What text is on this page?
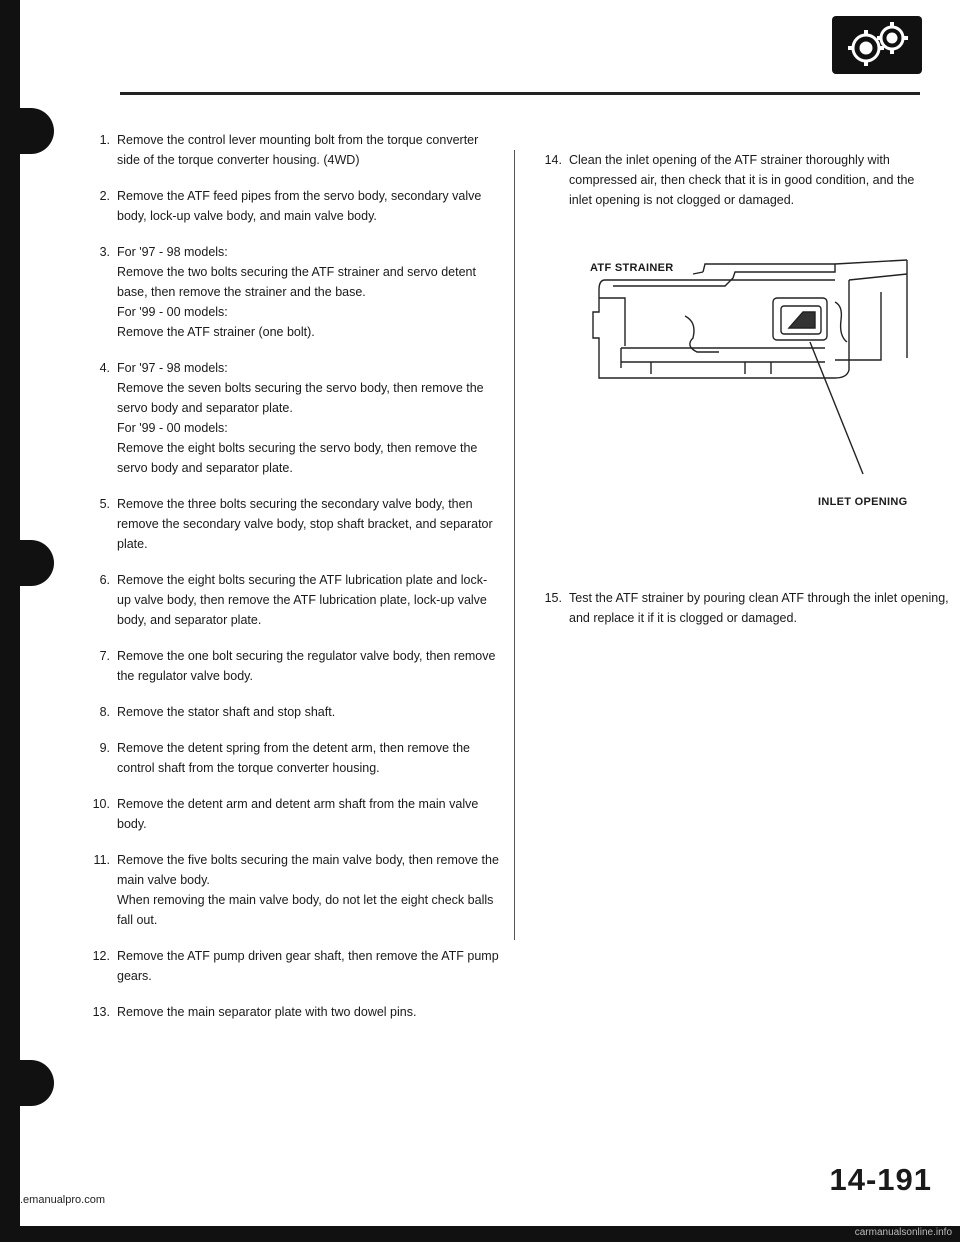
1. Remove the control lever mounting bolt from the torque converter side of the torque converter housing. (4WD)

2. Remove the ATF feed pipes from the servo body, secondary valve body, lock-up valve body, and main valve body.

3. For '97 - 98 models:

Remove the two bolts securing the ATF strainer and servo detent base, then remove the strainer and the base.

For '99 - 00 models:

Remove the ATF strainer (one bolt).

4. For '97 - 98 models:

Remove the seven bolts securing the servo body, then remove the servo body and separator plate.

For '99 - 00 models:

Remove the eight bolts securing the servo body, then remove the servo body and separator plate.

5. Remove the three bolts securing the secondary valve body, then remove the secondary valve body, stop shaft bracket, and separator plate.

6. Remove the eight bolts securing the ATF lubrication plate and lock-up valve body, then remove the ATF lubrication plate, lock-up valve body, and separator plate.

7. Remove the one bolt securing the regulator valve body, then remove the regulator valve body.

8. Remove the stator shaft and stop shaft.

9. Remove the detent spring from the detent arm, then remove the control shaft from the torque converter housing.

10. Remove the detent arm and detent arm shaft from the main valve body.

11. Remove the five bolts securing the main valve body, then remove the main valve body.

When removing the main valve body, do not let the eight check balls fall out.

12. Remove the ATF pump driven gear shaft, then remove the ATF pump gears.

13. Remove the main separator plate with two dowel pins.

14. Clean the inlet opening of the ATF strainer thoroughly with compressed air, then check that it is in good condition, and the inlet opening is not clogged or damaged.

ATF STRAINER
INLET OPENING
15. Test the ATF strainer by pouring clean ATF through the inlet opening, and replace it if it is clogged or damaged.

14-191
.emanualpro.com
carmanualsonline.info
